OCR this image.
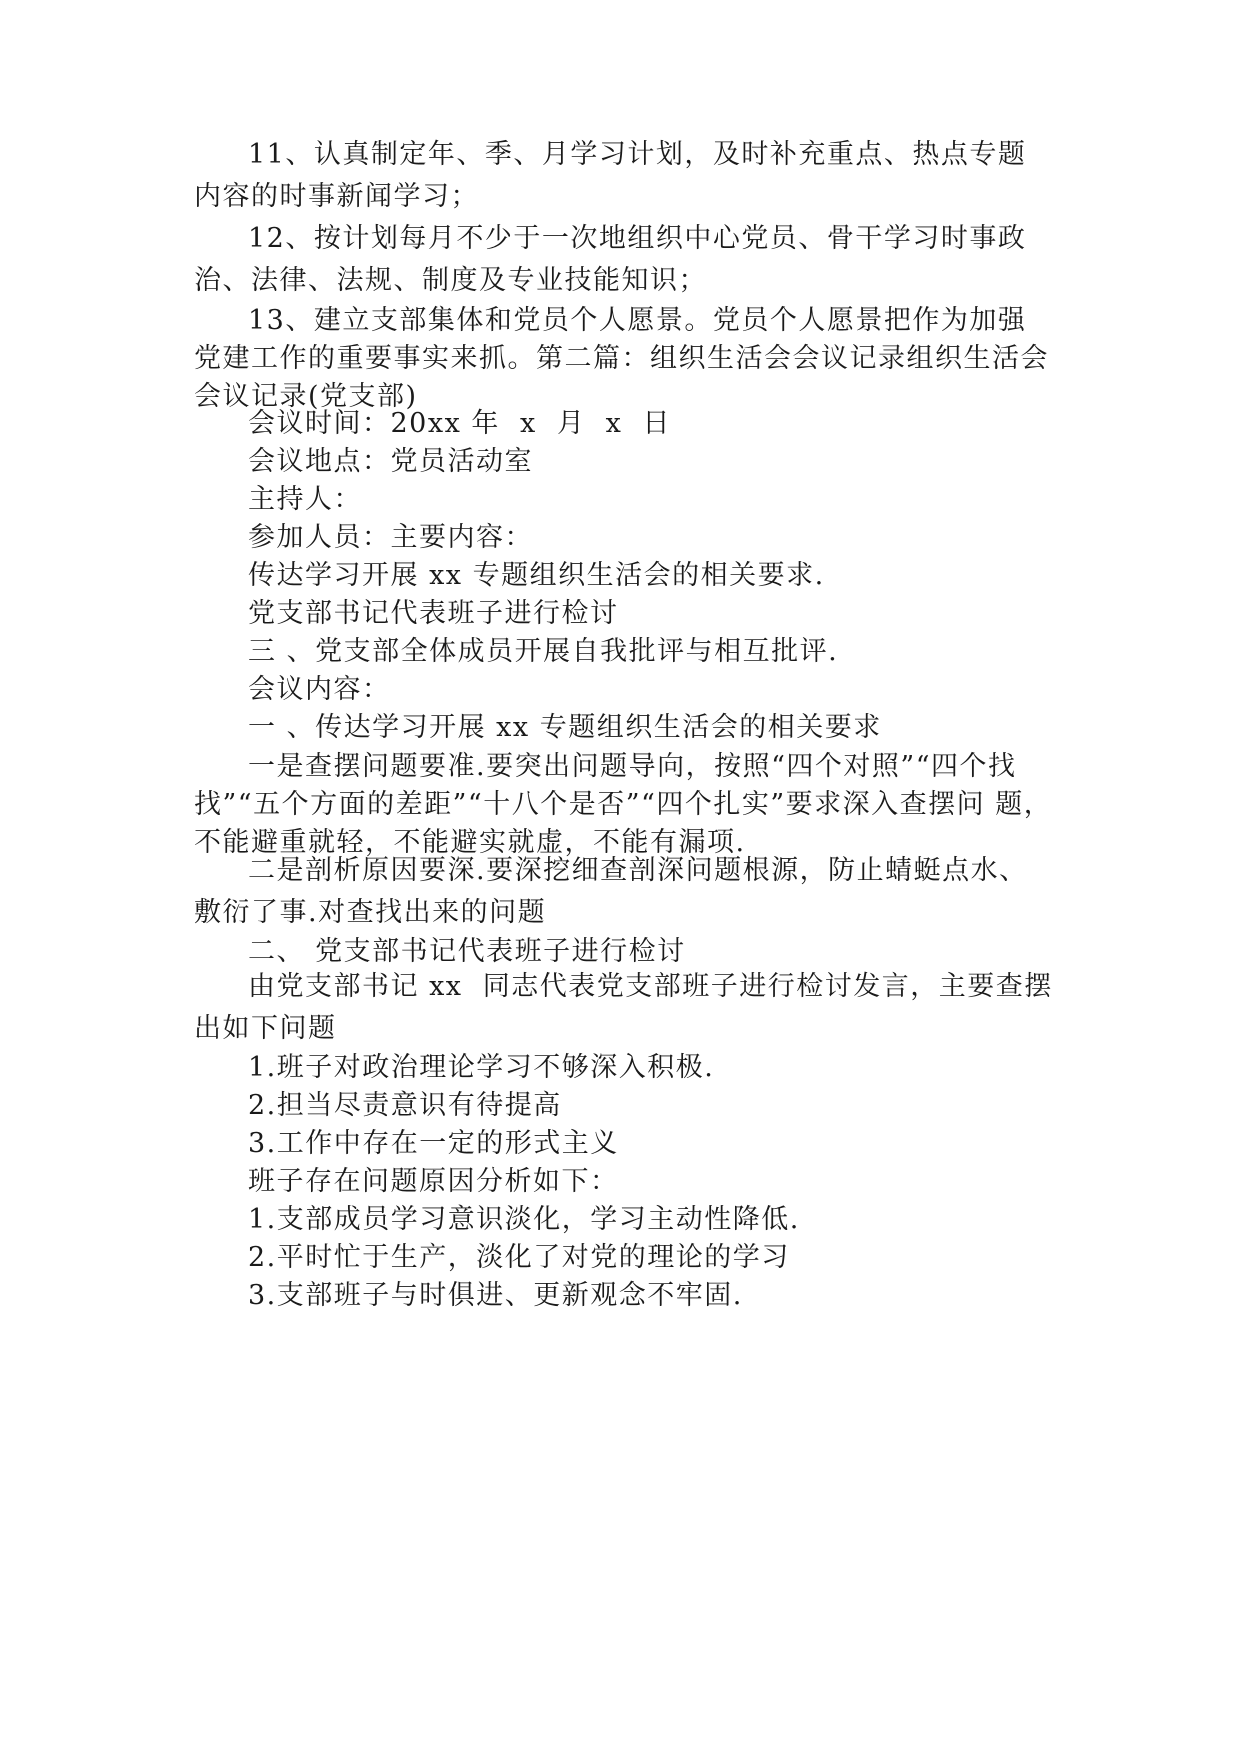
11、认真制定年、季、月学习计划，及时补充重点、热点专题内容的时事新闻学习；

12、按计划每月不少于一次地组织中心党员、骨干学习时事政治、法律、法规、制度及专业技能知识；

13、建立支部集体和党员个人愿景。党员个人愿景把作为加强党建工作的重要事实来抓。第二篇：组织生活会会议记录组织生活会会议记录(党支部)

会议时间：20xx 年  x  月  x  日

会议地点：党员活动室

主持人：

参加人员：主要内容：

传达学习开展 xx 专题组织生活会的相关要求.

党支部书记代表班子进行检讨

三 、党支部全体成员开展自我批评与相互批评.

会议内容：

一 、传达学习开展 xx 专题组织生活会的相关要求

一是查摆问题要准.要突出问题导向，按照“四个对照”“四个找找”“五个方面的差距”“十八个是否”“四个扎实”要求深入查摆问 题，不能避重就轻，不能避实就虚，不能有漏项.

二是剖析原因要深.要深挖细查剖深问题根源，防止蜻蜓点水、敷衍了事.对查找出来的问题

二、 党支部书记代表班子进行检讨

由党支部书记 xx  同志代表党支部班子进行检讨发言，主要查摆出如下问题

1.班子对政治理论学习不够深入积极.

2.担当尽责意识有待提高

3.工作中存在一定的形式主义

班子存在问题原因分析如下：

1.支部成员学习意识淡化，学习主动性降低.

2.平时忙于生产，淡化了对党的理论的学习

3.支部班子与时俱进、更新观念不牢固.
